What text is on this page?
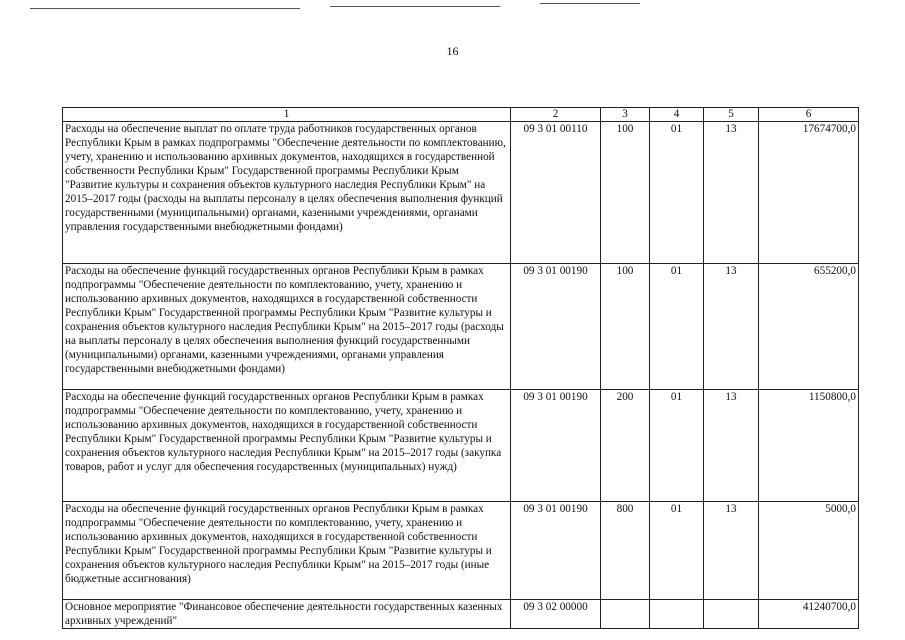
16
1	2	3	4	5	6
Расходы на обеспечение выплат по оплате труда работников государственных органов Республики Крым в рамках подпрограммы "Обеспечение деятельности по комплектованию, учету, хранению и использованию архивных документов, находящихся в государственной собственности Республики Крым" Государственной программы Республики Крым "Развитие культуры и сохранения объектов культурного наследия Республики Крым" на 2015–2017 годы (расходы на выплаты персоналу в целях обеспечения выполнения функций государственными (муниципальными) органами, казенными учреждениями, органами управления государственными внебюджетными фондами)	09 3 01 00110	100	01	13	17674700,0
Расходы на обеспечение функций государственных органов Республики Крым в рамках подпрограммы "Обеспечение деятельности по комплектованию, учету, хранению и использованию архивных документов, находящихся в государственной собственности Республики Крым" Государственной программы Республики Крым "Развитие культуры и сохранения объектов культурного наследия Республики Крым" на 2015–2017 годы (расходы на выплаты персоналу в целях обеспечения выполнения функций государственными (муниципальными) органами, казенными учреждениями, органами управления государственными внебюджетными фондами)	09 3 01 00190	100	01	13	655200,0
Расходы на обеспечение функций государственных органов Республики Крым в рамках подпрограммы "Обеспечение деятельности по комплектованию, учету, хранению и использованию архивных документов, находящихся в государственной собственности Республики Крым" Государственной программы Республики Крым "Развитие культуры и сохранения объектов культурного наследия Республики Крым" на 2015–2017 годы (закупка товаров, работ и услуг для обеспечения государственных (муниципальных) нужд)	09 3 01 00190	200	01	13	1150800,0
Расходы на обеспечение функций государственных органов Республики Крым в рамках подпрограммы "Обеспечение деятельности по комплектованию, учету, хранению и использованию архивных документов, находящихся в государственной собственности Республики Крым" Государственной программы Республики Крым "Развитие культуры и сохранения объектов культурного наследия Республики Крым" на 2015–2017 годы (иные бюджетные ассигнования)	09 3 01 00190	800	01	13	5000,0
Основное мероприятие "Финансовое обеспечение деятельности государственных казенных архивных учреждений"	09 3 02 00000				41240700,0
